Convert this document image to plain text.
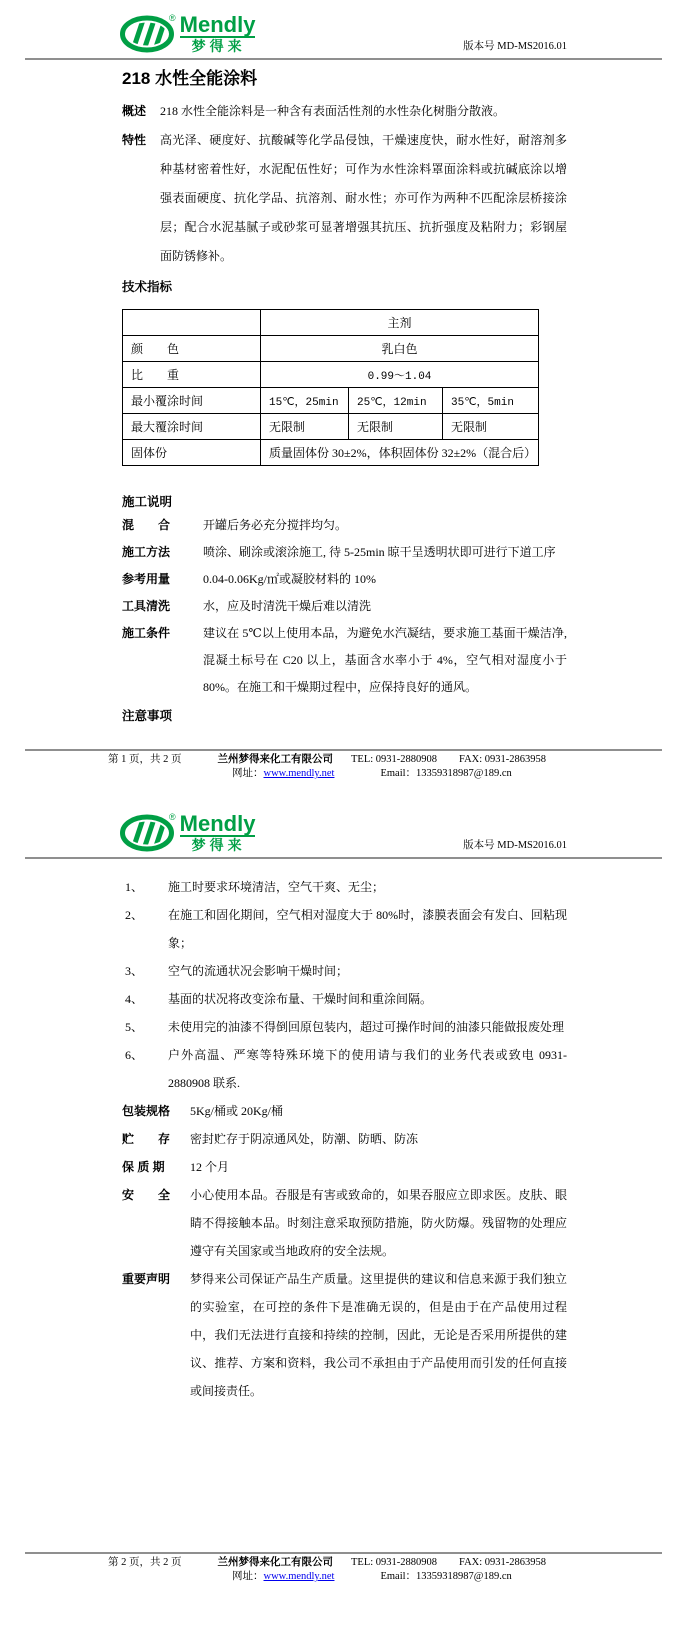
® Mendly
梦得来	版本号 MD-MS2016.01
218 水性全能涂料
概述	218 水性全能涂料是一种含有表面活性剂的水性杂化树脂分散液。
特性	高光泽、硬度好、抗酸碱等化学品侵蚀，干燥速度快，耐水性好，耐溶剂多种基材密着性好，水泥配伍性好；可作为水性涂料罩面涂料或抗碱底涂以增强表面硬度、抗化学品、抗溶剂、耐水性；亦可作为两种不匹配涂层桥接涂层；配合水泥基腻子或砂浆可显著增强其抗压、抗折强度及粘附力；彩钢屋面防锈修补。
技术指标
	主剂		
颜　　色	乳白色		
比　　重	0.99～1.04		
最小覆涂时间	15℃，25min	25℃，12min	35℃，5min
最大覆涂时间	无限制	无限制	无限制
固体份	质量固体份 30±2%，体积固体份 32±2%（混合后）		
施工说明
混　　合	开罐后务必充分搅拌均匀。
施工方法	喷涂、刷涂或滚涂施工, 待 5-25min 晾干呈透明状即可进行下道工序
参考用量	0.04-0.06Kg/㎡或凝胶材料的 10%
工具清洗	水，应及时清洗干燥后难以清洗
施工条件	建议在 5℃以上使用本品，为避免水汽凝结，要求施工基面干燥洁净, 混凝土标号在 C20 以上，基面含水率小于 4%，空气相对湿度小于 80%。在施工和干燥期过程中，应保持良好的通风。
注意事项
第 1 页，共 2 页	兰州梦得来化工有限公司 TEL: 0931-2880908 FAX: 0931-2863958
网址：www.mendly.net	Email：13359318987@189.cn
® Mendly
梦得来	版本号 MD-MS2016.01
1、	施工时要求环境清洁，空气干爽、无尘；
2、	在施工和固化期间，空气相对湿度大于 80%时，漆膜表面会有发白、回粘现象；
3、	空气的流通状况会影响干燥时间；
4、	基面的状况将改变涂布量、干燥时间和重涂间隔。
5、	未使用完的油漆不得倒回原包装内，超过可操作时间的油漆只能做报废处理
6、	户外高温、严寒等特殊环境下的使用请与我们的业务代表或致电 0931-2880908 联系.
包装规格	5Kg/桶或 20Kg/桶
贮　　存	密封贮存于阴凉通风处，防潮、防晒、防冻
保 质 期	12 个月
安　　全	小心使用本品。吞服是有害或致命的，如果吞服应立即求医。皮肤、眼睛不得接触本品。时刻注意采取预防措施，防火防爆。残留物的处理应遵守有关国家或当地政府的安全法规。
重要声明	梦得来公司保证产品生产质量。这里提供的建议和信息来源于我们独立的实验室，在可控的条件下是准确无误的，但是由于在产品使用过程中，我们无法进行直接和持续的控制，因此，无论是否采用所提供的建议、推荐、方案和资料，我公司不承担由于产品使用而引发的任何直接或间接责任。
第 2 页，共 2 页	兰州梦得来化工有限公司 TEL: 0931-2880908 FAX: 0931-2863958
网址：www.mendly.net	Email：13359318987@189.cn
